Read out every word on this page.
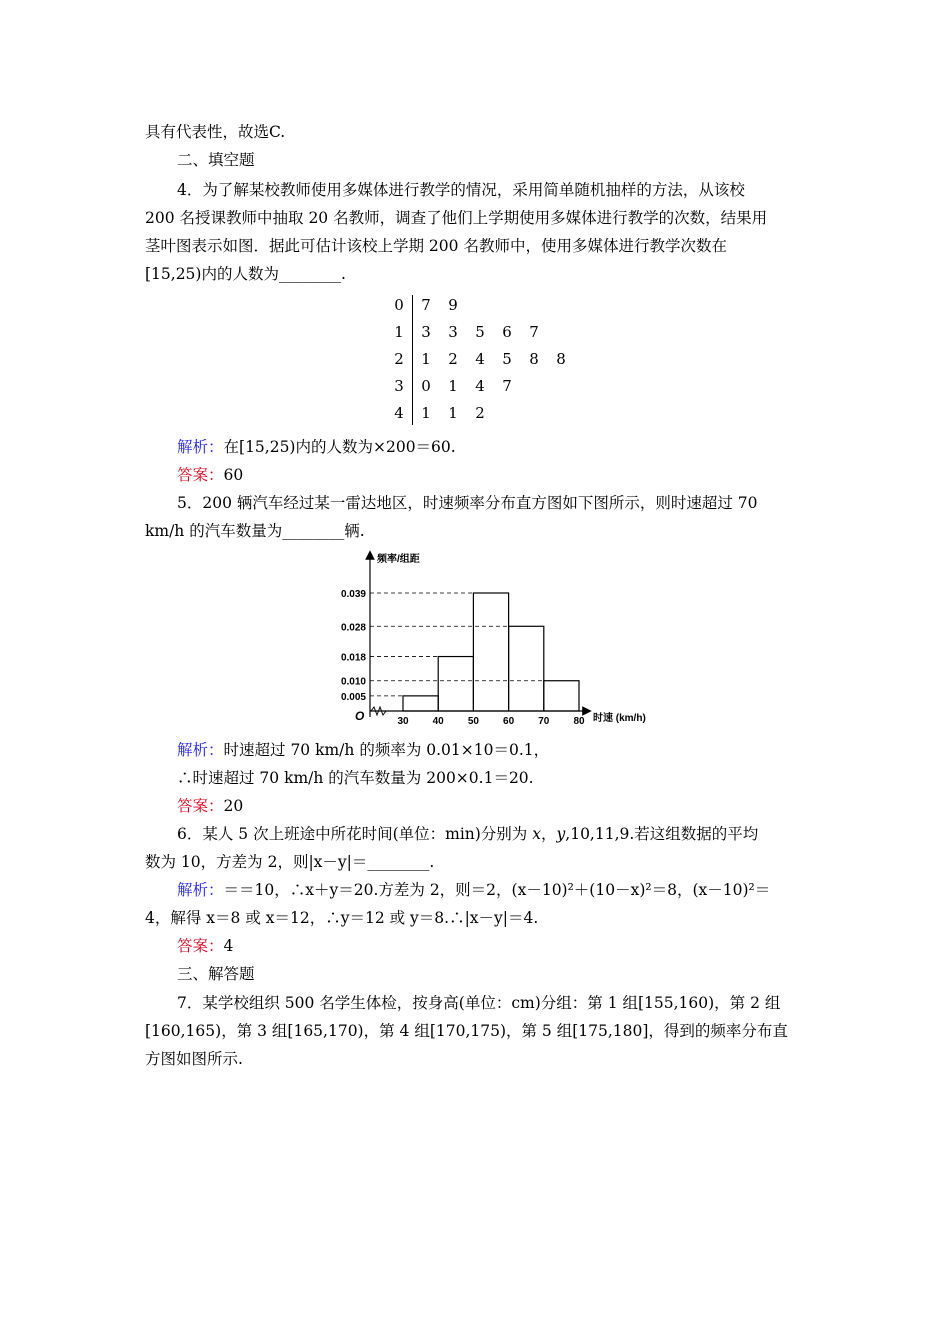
具有代表性，故选C.
二、填空题
4．为了解某校教师使用多媒体进行教学的情况，采用简单随机抽样的方法，从该校
200 名授课教师中抽取 20 名教师，调查了他们上学期使用多媒体进行教学的次数，结果用
茎叶图表示如图．据此可估计该校上学期 200 名教师中，使用多媒体进行教学次数在
[15,25)内的人数为________.
0 7 9
1 3 3 5 6 7
2 1 2 4 5 8 8
3 0 1 4 7
4 1 1 2
解析：在[15,25)内的人数为×200＝60.
答案：60
5．200 辆汽车经过某一雷达地区，时速频率分布直方图如下图所示，则时速超过 70
km/h 的汽车数量为________辆.
频率/组距
时速 (km/h)
O
0.005
0.010
0.018
0.028
0.039
30 40 50 60 70 80
解析：时速超过 70 km/h 的频率为 0.01×10＝0.1，
∴时速超过 70 km/h 的汽车数量为 200×0.1＝20.
答案：20
6．某人 5 次上班途中所花时间(单位：min)分别为 x，y,10,11,9.若这组数据的平均
数为 10，方差为 2，则|x－y|＝________.
解析：＝＝10，∴x＋y＝20.方差为 2，则＝2，(x－10)²＋(10－x)²＝8，(x－10)²＝
4，解得 x＝8 或 x＝12，∴y＝12 或 y＝8.∴|x－y|＝4.
答案：4
三、解答题
7．某学校组织 500 名学生体检，按身高(单位：cm)分组：第 1 组[155,160)，第 2 组
[160,165)，第 3 组[165,170)，第 4 组[170,175)，第 5 组[175,180]，得到的频率分布直
方图如图所示.
